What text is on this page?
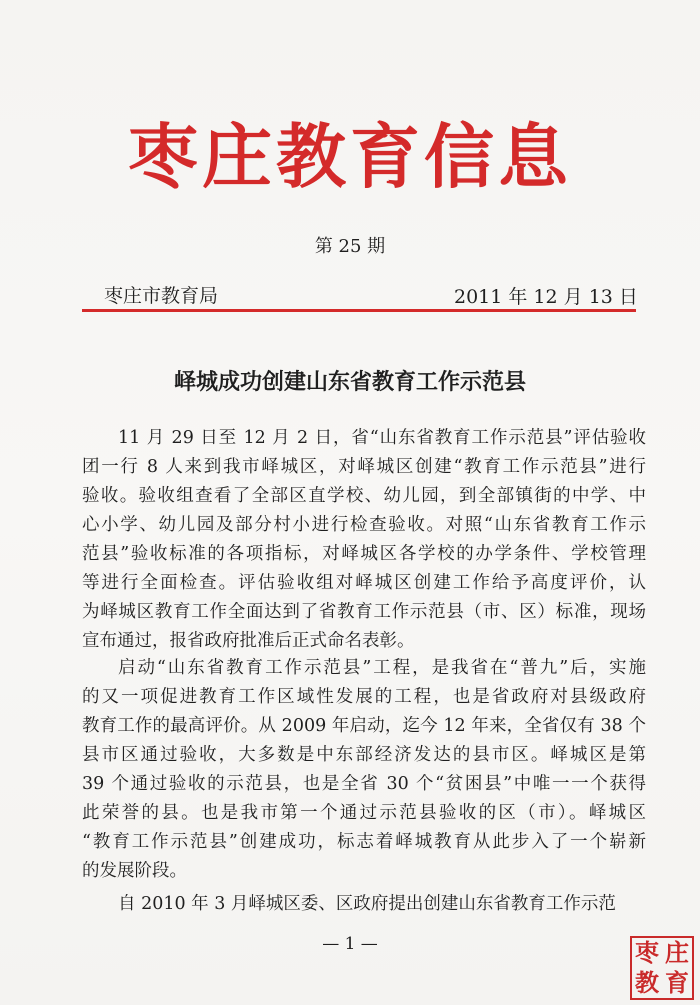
枣庄教育信息
第 25 期
枣庄市教育局	2011 年 12 月 13 日
峄城成功创建山东省教育工作示范县
11 月 29 日至 12 月 2 日，省“山东省教育工作示范县”评估验收
团一行 8 人来到我市峄城区，对峄城区创建“教育工作示范县”进行
验收。验收组查看了全部区直学校、幼儿园，到全部镇街的中学、中
心小学、幼儿园及部分村小进行检查验收。对照“山东省教育工作示
范县”验收标准的各项指标，对峄城区各学校的办学条件、学校管理
等进行全面检查。评估验收组对峄城区创建工作给予高度评价，认
为峄城区教育工作全面达到了省教育工作示范县（市、区）标准，现场
宣布通过，报省政府批准后正式命名表彰。
启动“山东省教育工作示范县”工程，是我省在“普九”后，实施
的又一项促进教育工作区域性发展的工程，也是省政府对县级政府
教育工作的最高评价。从 2009 年启动，迄今 12 年来，全省仅有 38 个
县市区通过验收，大多数是中东部经济发达的县市区。峄城区是第
39 个通过验收的示范县，也是全省 30 个“贫困县”中唯一一个获得
此荣誉的县。也是我市第一个通过示范县验收的区（市）。峄城区
“教育工作示范县”创建成功，标志着峄城教育从此步入了一个崭新
的发展阶段。
自 2010 年 3 月峄城区委、区政府提出创建山东省教育工作示范
— 1 —	枣 庄
教 育
